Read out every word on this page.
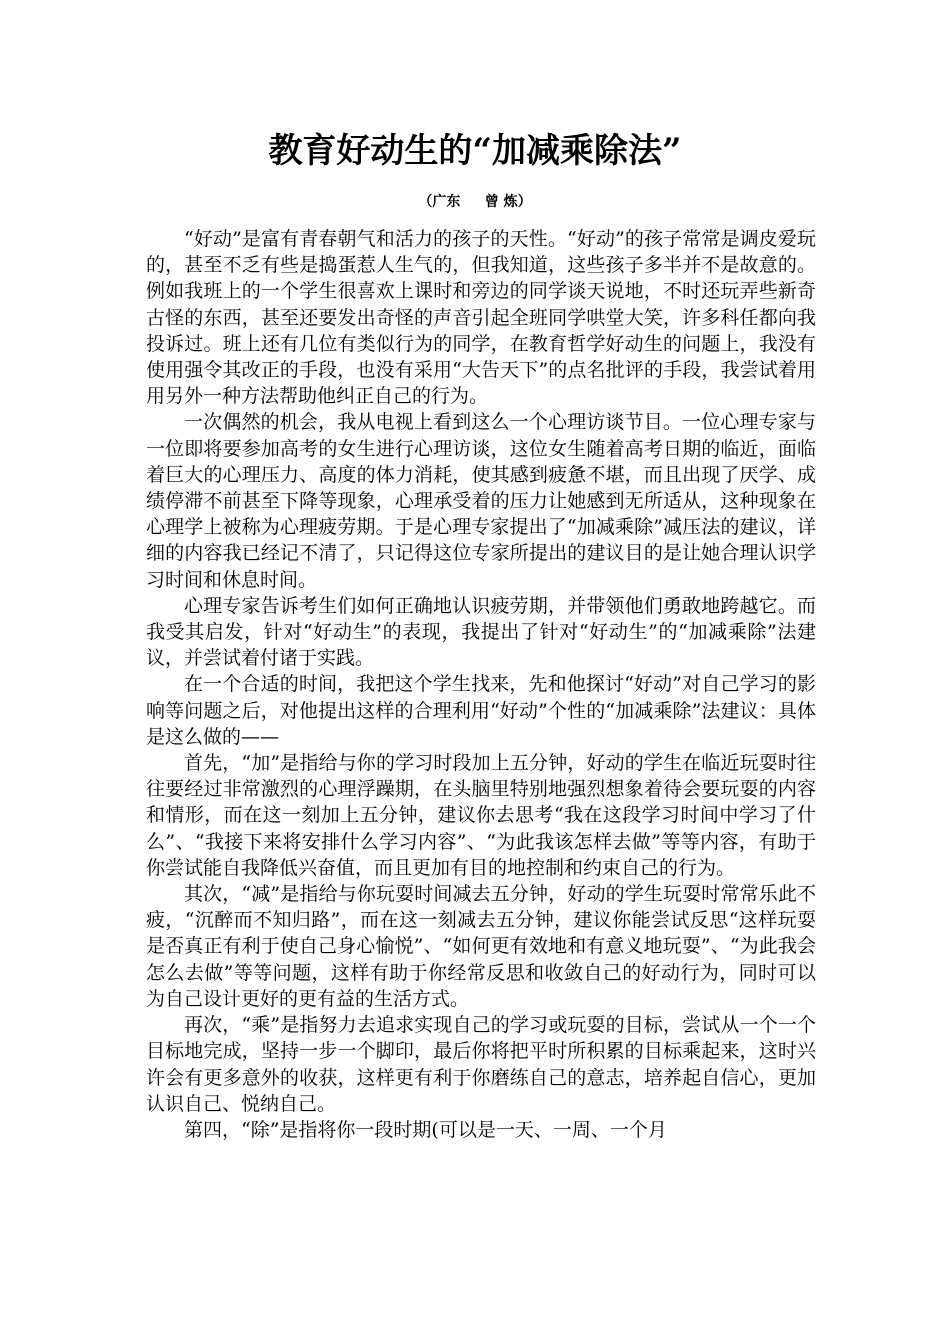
教育好动生的“加减乘除法”
（广东     曾 炼）

“好动”是富有青春朝气和活力的孩子的天性。“好动”的孩子常常是调皮爱玩的，甚至不乏有些是捣蛋惹人生气的，但我知道，这些孩子多半并不是故意的。例如我班上的一个学生很喜欢上课时和旁边的同学谈天说地，不时还玩弄些新奇古怪的东西，甚至还要发出奇怪的声音引起全班同学哄堂大笑，许多科任都向我投诉过。班上还有几位有类似行为的同学，在教育哲学好动生的问题上，我没有使用强令其改正的手段，也没有采用“大告天下”的点名批评的手段，我尝试着用用另外一种方法帮助他纠正自己的行为。

一次偶然的机会，我从电视上看到这么一个心理访谈节目。一位心理专家与一位即将要参加高考的女生进行心理访谈，这位女生随着高考日期的临近，面临着巨大的心理压力、高度的体力消耗，使其感到疲惫不堪，而且出现了厌学、成绩停滞不前甚至下降等现象，心理承受着的压力让她感到无所适从，这种现象在心理学上被称为心理疲劳期。于是心理专家提出了“加减乘除”减压法的建议，详细的内容我已经记不清了，只记得这位专家所提出的建议目的是让她合理认识学习时间和休息时间。

心理专家告诉考生们如何正确地认识疲劳期，并带领他们勇敢地跨越它。而我受其启发，针对“好动生”的表现，我提出了针对“好动生”的“加减乘除”法建议，并尝试着付诸于实践。

在一个合适的时间，我把这个学生找来，先和他探讨“好动”对自己学习的影响等问题之后，对他提出这样的合理利用“好动”个性的“加减乘除”法建议：具体是这么做的——

首先，“加”是指给与你的学习时段加上五分钟，好动的学生在临近玩耍时往往要经过非常激烈的心理浮躁期，在头脑里特别地强烈想象着待会要玩耍的内容和情形，而在这一刻加上五分钟，建议你去思考“我在这段学习时间中学习了什么”、“我接下来将安排什么学习内容”、“为此我该怎样去做”等等内容，有助于你尝试能自我降低兴奋值，而且更加有目的地控制和约束自己的行为。

其次，“减”是指给与你玩耍时间减去五分钟，好动的学生玩耍时常常乐此不疲，“沉醉而不知归路”，而在这一刻减去五分钟，建议你能尝试反思“这样玩耍是否真正有利于使自己身心愉悦”、“如何更有效地和有意义地玩耍”、“为此我会怎么去做”等等问题，这样有助于你经常反思和收敛自己的好动行为，同时可以为自己设计更好的更有益的生活方式。

再次，“乘”是指努力去追求实现自己的学习或玩耍的目标，尝试从一个一个目标地完成，坚持一步一个脚印，最后你将把平时所积累的目标乘起来，这时兴许会有更多意外的收获，这样更有利于你磨练自己的意志，培养起自信心，更加认识自己、悦纳自己。

第四，“除”是指将你一段时期(可以是一天、一周、一个月
